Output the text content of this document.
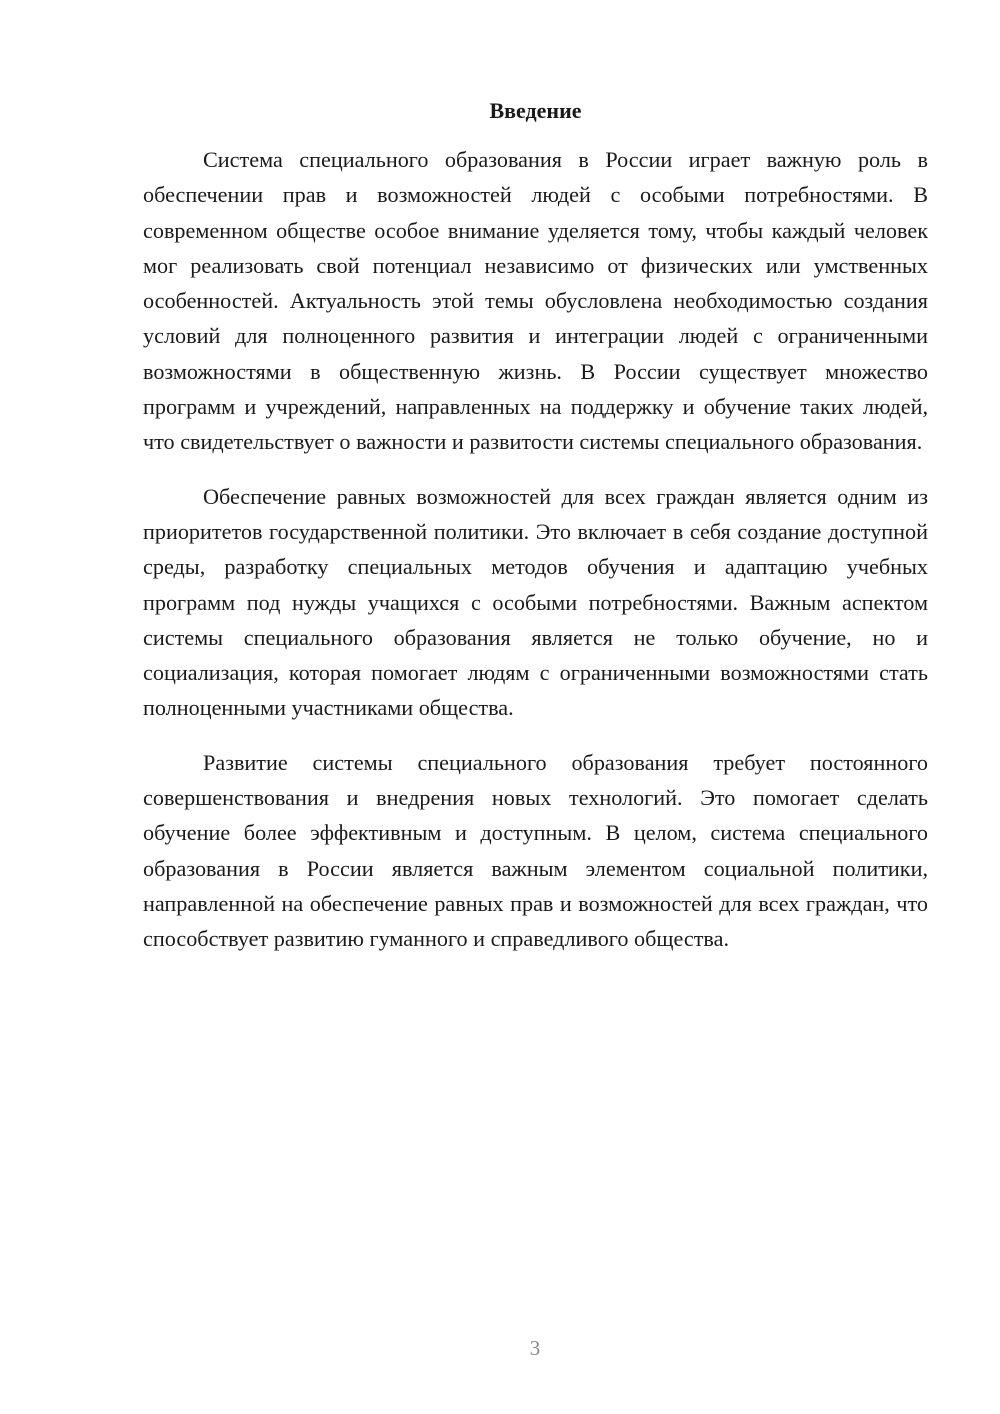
Введение

Система специального образования в России играет важную роль в обеспечении прав и возможностей людей с особыми потребностями. В современном обществе особое внимание уделяется тому, чтобы каждый человек мог реализовать свой потенциал независимо от физических или умственных особенностей. Актуальность этой темы обусловлена необходимостью создания условий для полноценного развития и интеграции людей с ограниченными возможностями в общественную жизнь. В России существует множество программ и учреждений, направленных на поддержку и обучение таких людей, что свидетельствует о важности и развитости системы специального образования.

Обеспечение равных возможностей для всех граждан является одним из приоритетов государственной политики. Это включает в себя создание доступной среды, разработку специальных методов обучения и адаптацию учебных программ под нужды учащихся с особыми потребностями. Важным аспектом системы специального образования является не только обучение, но и социализация, которая помогает людям с ограниченными возможностями стать полноценными участниками общества.

Развитие системы специального образования требует постоянного совершенствования и внедрения новых технологий. Это помогает сделать обучение более эффективным и доступным. В целом, система специального образования в России является важным элементом социальной политики, направленной на обеспечение равных прав и возможностей для всех граждан, что способствует развитию гуманного и справедливого общества.

3
